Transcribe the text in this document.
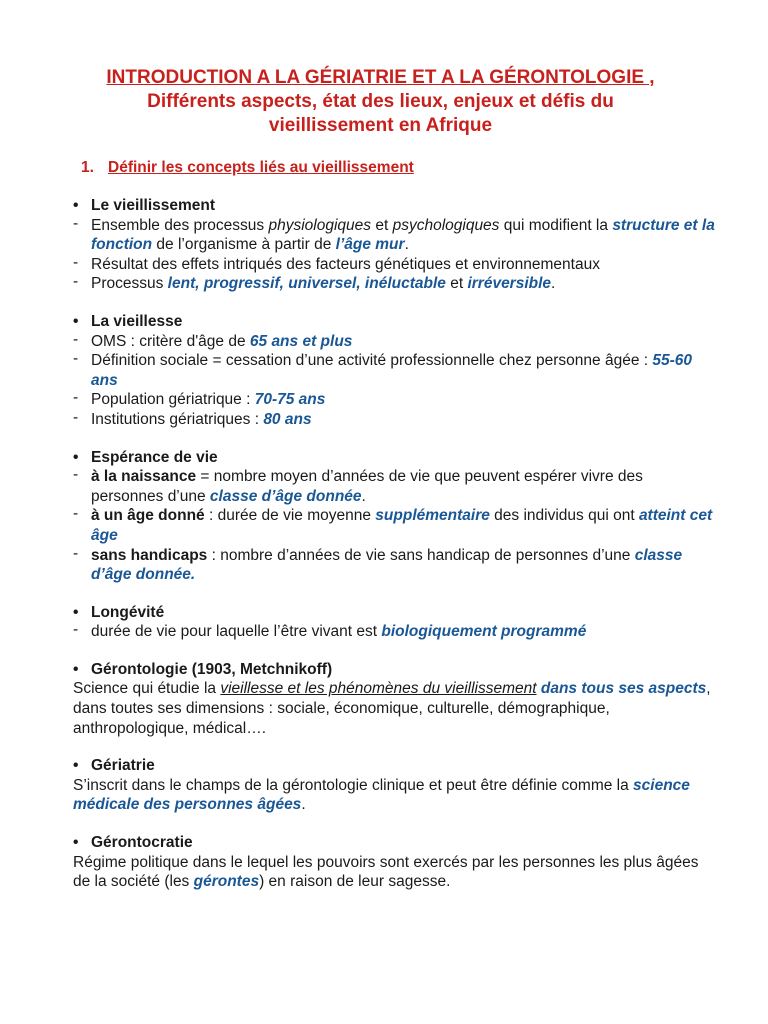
INTRODUCTION A LA GÉRIATRIE ET A LA GÉRONTOLOGIE ,
Différents aspects, état des lieux, enjeux et défis du
vieillissement en Afrique
1. Définir les concepts liés au vieillissement
• Le vieillissement
- Ensemble des processus physiologiques et psychologiques qui modifient la structure et la fonction de l’organisme à partir de l’âge mur.
- Résultat des effets intriqués des facteurs génétiques et environnementaux
- Processus lent, progressif, universel, inéluctable et irréversible.
• La vieillesse
- OMS : critère d'âge de 65 ans et plus
- Définition sociale = cessation d’une activité professionnelle chez personne âgée : 55-60 ans
- Population gériatrique : 70-75 ans
- Institutions gériatriques : 80 ans
• Espérance de vie
- à la naissance = nombre moyen d’années de vie que peuvent espérer vivre des personnes d’une classe d’âge donnée.
- à un âge donné : durée de vie moyenne supplémentaire des individus qui ont atteint cet âge
- sans handicaps : nombre d’années de vie sans handicap de personnes d’une classe d’âge donnée.
• Longévité
- durée de vie pour laquelle l’être vivant est biologiquement programmé
• Gérontologie (1903, Metchnikoff)
Science qui étudie la vieillesse et les phénomènes du vieillissement dans tous ses aspects, dans toutes ses dimensions : sociale, économique, culturelle, démographique, anthropologique, médical….
• Gériatrie
S’inscrit dans le champs de la gérontologie clinique et peut être définie comme la science médicale des personnes âgées.
• Gérontocratie
Régime politique dans le lequel les pouvoirs sont exercés par les personnes les plus âgées de la société (les gérontes) en raison de leur sagesse.
